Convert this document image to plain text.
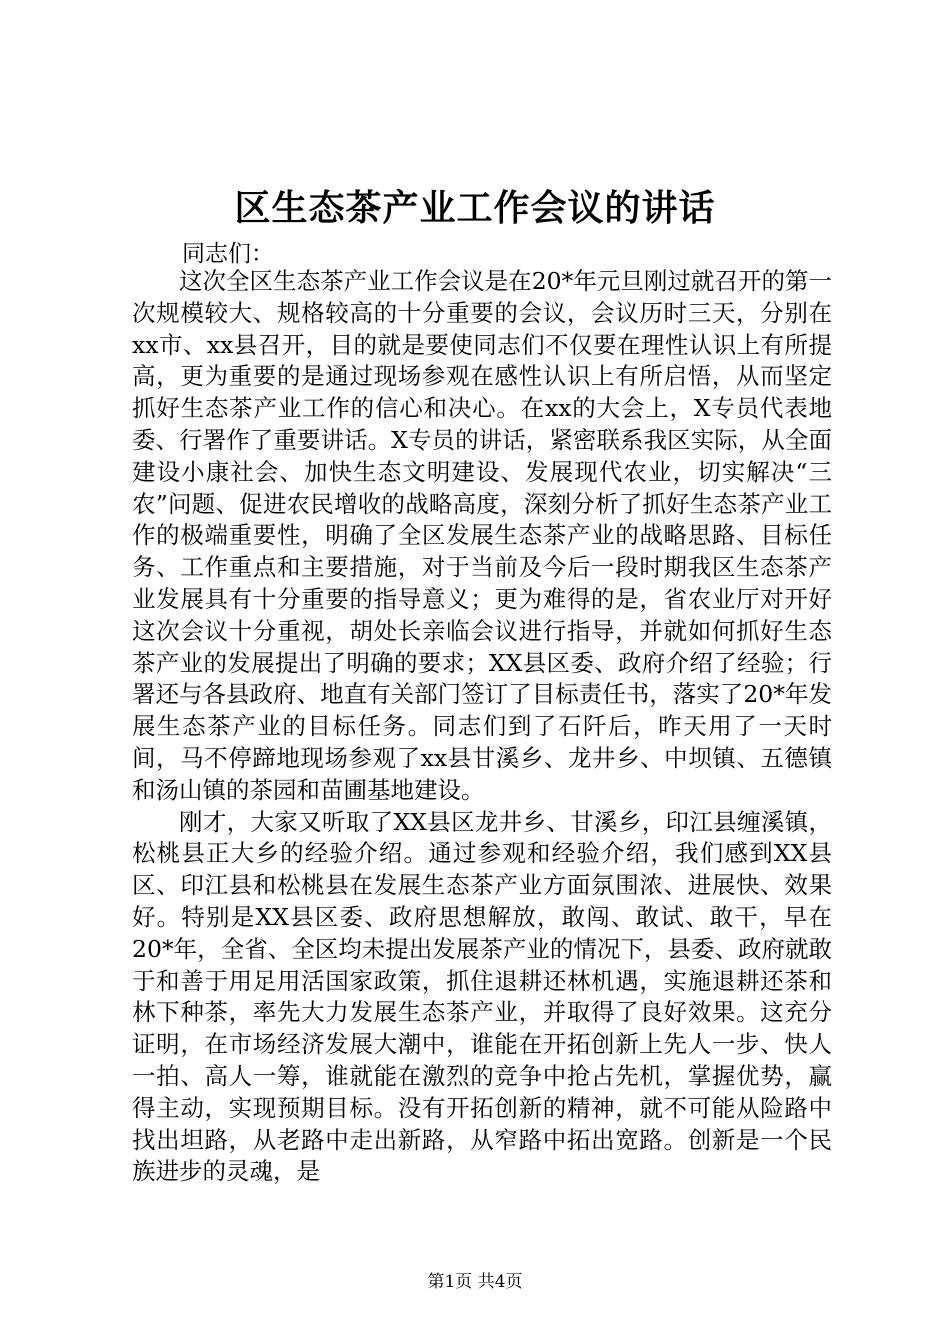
区生态茶产业工作会议的讲话

同志们：

这次全区生态茶产业工作会议是在20*年元旦刚过就召开的第一次规模较大、规格较高的十分重要的会议，会议历时三天，分别在xx市、xx县召开，目的就是要使同志们不仅要在理性认识上有所提高，更为重要的是通过现场参观在感性认识上有所启悟，从而坚定抓好生态茶产业工作的信心和决心。在xx的大会上，X专员代表地委、行署作了重要讲话。X专员的讲话，紧密联系我区实际，从全面建设小康社会、加快生态文明建设、发展现代农业，切实解决“三农”问题、促进农民增收的战略高度，深刻分析了抓好生态茶产业工作的极端重要性，明确了全区发展生态茶产业的战略思路、目标任务、工作重点和主要措施，对于当前及今后一段时期我区生态茶产业发展具有十分重要的指导意义；更为难得的是，省农业厅对开好这次会议十分重视，胡处长亲临会议进行指导，并就如何抓好生态茶产业的发展提出了明确的要求；XX县区委、政府介绍了经验；行署还与各县政府、地直有关部门签订了目标责任书，落实了20*年发展生态茶产业的目标任务。同志们到了石阡后，昨天用了一天时间，马不停蹄地现场参观了xx县甘溪乡、龙井乡、中坝镇、五德镇和汤山镇的茶园和苗圃基地建设。

刚才，大家又听取了XX县区龙井乡、甘溪乡，印江县缠溪镇，松桃县正大乡的经验介绍。通过参观和经验介绍，我们感到XX县区、印江县和松桃县在发展生态茶产业方面氛围浓、进展快、效果好。特别是XX县区委、政府思想解放，敢闯、敢试、敢干，早在20*年，全省、全区均未提出发展茶产业的情况下，县委、政府就敢于和善于用足用活国家政策，抓住退耕还林机遇，实施退耕还茶和林下种茶，率先大力发展生态茶产业，并取得了良好效果。这充分证明，在市场经济发展大潮中，谁能在开拓创新上先人一步、快人一拍、高人一筹，谁就能在激烈的竞争中抢占先机，掌握优势，赢得主动，实现预期目标。没有开拓创新的精神，就不可能从险路中找出坦路，从老路中走出新路，从窄路中拓出宽路。创新是一个民族进步的灵魂，是

第1页 共4页
